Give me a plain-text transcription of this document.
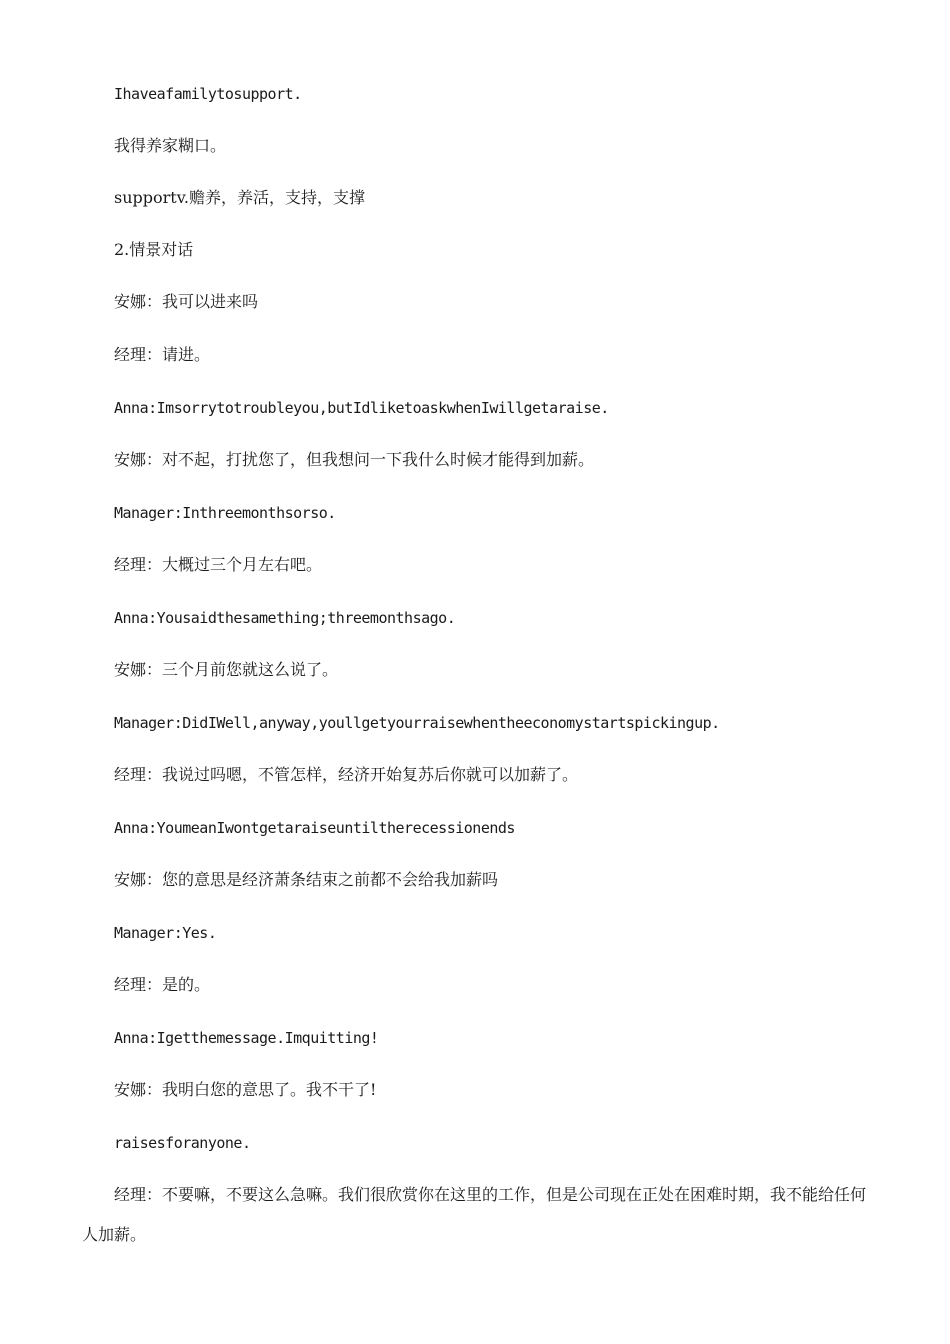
Ihaveafamilytosupport.
我得养家糊口。
supportv.赡养，养活，支持，支撑
2.情景对话
安娜：我可以进来吗
经理：请进。
Anna:Imsorrytotroubleyou,butIdliketoaskwhenIwillgetaraise.
安娜：对不起，打扰您了，但我想问一下我什么时候才能得到加薪。
Manager:Inthreemonthsorso.
经理：大概过三个月左右吧。
Anna:Yousaidthesamething;threemonthsago.
安娜：三个月前您就这么说了。
Manager:DidIWell,anyway,youllgetyourraisewhentheeconomystartspickingup.
经理：我说过吗嗯，不管怎样，经济开始复苏后你就可以加薪了。
Anna:YoumeanIwontgetaraiseuntiltherecessionends
安娜：您的意思是经济萧条结束之前都不会给我加薪吗
Manager:Yes.
经理：是的。
Anna:Igetthemessage.Imquitting!
安娜：我明白您的意思了。我不干了!
raisesforanyone.
经理：不要嘛，不要这么急嘛。我们很欣赏你在这里的工作，但是公司现在正处在困难时期，我不能给任何人加薪。
